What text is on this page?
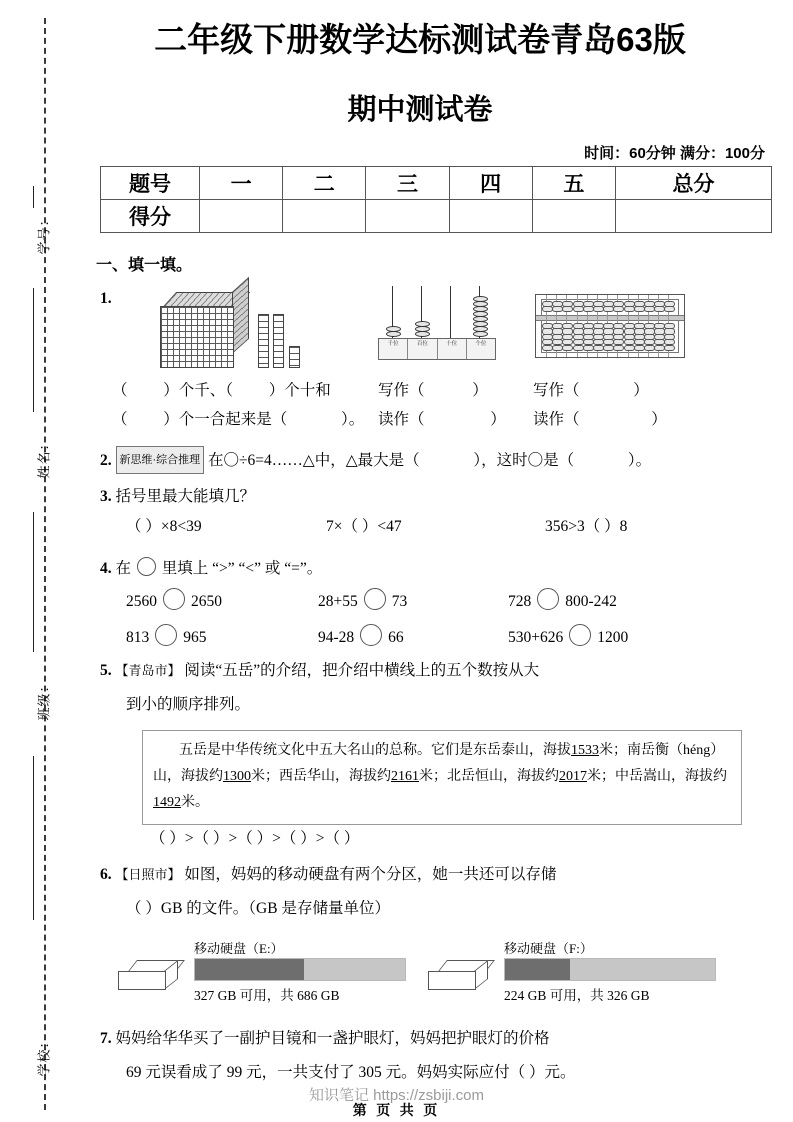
学号：
姓名：
班级：
学校：
二年级下册数学达标测试卷青岛63版
期中测试卷
时间：60分钟 满分：100分
题号	一	二	三	四	五	总分
得分						
一、填一填。
1.
千位	百位	十位	个位
（ ）个千、（ ）个十和
（ ）个一合起来是（	）。
写作（	）
读作（	）
写作（	）
读作（	）
2. 新思维·综合推理 在〇÷6=4……△中，△最大是（	），这时〇是（	）。
3. 括号里最大能填几？
（ ）×8<39	7×（ ）<47	356>3（ ）8
4. 在 里填上 “>” “<” 或 “=”。
2560 2650	28+55 73	728 800-242
813 965	94-28 66	530+626 1200
5. 【青岛市】 阅读“五岳”的介绍，把介绍中横线上的五个数按从大
到小的顺序排列。
五岳是中华传统文化中五大名山的总称。它们是东岳泰山，海拔1533米；南岳衡（héng）山，海拔约1300米；西岳华山，海拔约2161米；北岳恒山，海拔约2017米；中岳嵩山，海拔约1492米。
（ ）>（ ）>（ ）>（ ）>（ ）
6. 【日照市】 如图，妈妈的移动硬盘有两个分区，她一共还可以存储
（ ）GB 的文件。（GB 是存储量单位）
移动硬盘（E:）
327 GB 可用，共 686 GB
移动硬盘（F:）
224 GB 可用，共 326 GB
7. 妈妈给华华买了一副护目镜和一盏护眼灯，妈妈把护眼灯的价格
69 元误看成了 99 元，一共支付了 305 元。妈妈实际应付（ ）元。
知识笔记 https://zsbiji.com
第 页 共 页
